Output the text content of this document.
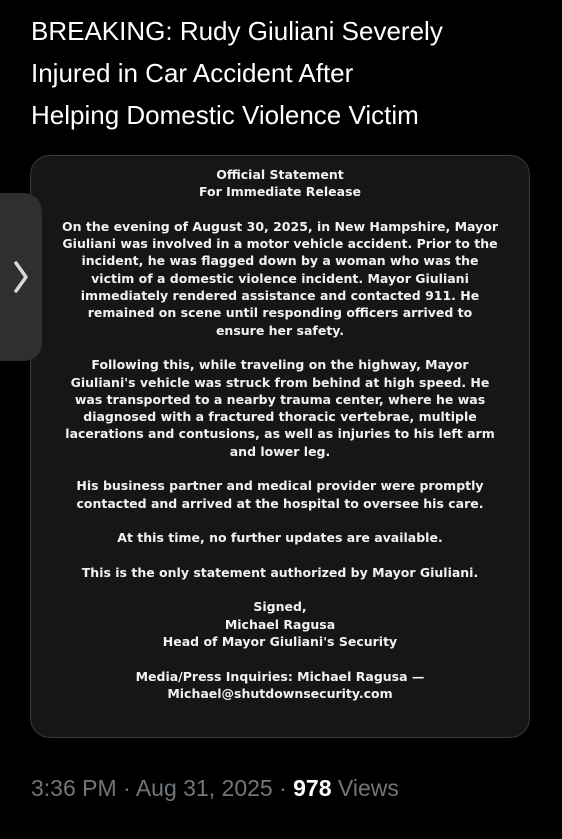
BREAKING: Rudy Giuliani Severely
Injured in Car Accident After
Helping Domestic Violence Victim
Official Statement
For Immediate Release
On the evening of August 30, 2025, in New Hampshire, Mayor
Giuliani was involved in a motor vehicle accident. Prior to the
incident, he was flagged down by a woman who was the
victim of a domestic violence incident. Mayor Giuliani
immediately rendered assistance and contacted 911. He
remained on scene until responding officers arrived to
ensure her safety.
Following this, while traveling on the highway, Mayor
Giuliani's vehicle was struck from behind at high speed. He
was transported to a nearby trauma center, where he was
diagnosed with a fractured thoracic vertebrae, multiple
lacerations and contusions, as well as injuries to his left arm
and lower leg.
His business partner and medical provider were promptly
contacted and arrived at the hospital to oversee his care.
At this time, no further updates are available.
This is the only statement authorized by Mayor Giuliani.
Signed,
Michael Ragusa
Head of Mayor Giuliani's Security
Media/Press Inquiries: Michael Ragusa —
Michael@shutdownsecurity.com
3:36 PM · Aug 31, 2025 · 978 Views
